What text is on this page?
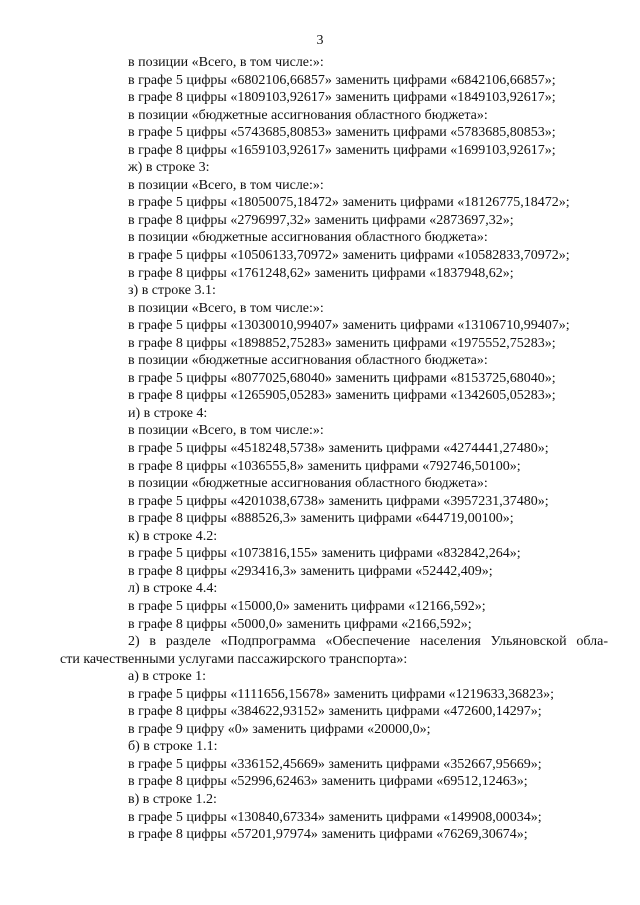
3
в позиции «Всего, в том числе:»:
в графе 5 цифры «6802106,66857» заменить цифрами «6842106,66857»;
в графе 8 цифры «1809103,92617» заменить цифрами «1849103,92617»;
в позиции «бюджетные ассигнования областного бюджета»:
в графе 5 цифры «5743685,80853» заменить цифрами «5783685,80853»;
в графе 8 цифры «1659103,92617» заменить цифрами «1699103,92617»;
ж) в строке 3:
в позиции «Всего, в том числе:»:
в графе 5 цифры «18050075,18472» заменить цифрами «18126775,18472»;
в графе 8 цифры «2796997,32» заменить цифрами «2873697,32»;
в позиции «бюджетные ассигнования областного бюджета»:
в графе 5 цифры «10506133,70972» заменить цифрами «10582833,70972»;
в графе 8 цифры «1761248,62» заменить цифрами «1837948,62»;
з) в строке 3.1:
в позиции «Всего, в том числе:»:
в графе 5 цифры «13030010,99407» заменить цифрами «13106710,99407»;
в графе 8 цифры «1898852,75283» заменить цифрами «1975552,75283»;
в позиции «бюджетные ассигнования областного бюджета»:
в графе 5 цифры «8077025,68040» заменить цифрами «8153725,68040»;
в графе 8 цифры «1265905,05283» заменить цифрами «1342605,05283»;
и) в строке 4:
в позиции «Всего, в том числе:»:
в графе 5 цифры «4518248,5738» заменить цифрами «4274441,27480»;
в графе 8 цифры «1036555,8» заменить цифрами «792746,50100»;
в позиции «бюджетные ассигнования областного бюджета»:
в графе 5 цифры «4201038,6738» заменить цифрами «3957231,37480»;
в графе 8 цифры «888526,3» заменить цифрами «644719,00100»;
к) в строке 4.2:
в графе 5 цифры «1073816,155» заменить цифрами «832842,264»;
в графе 8 цифры «293416,3» заменить цифрами «52442,409»;
л) в строке 4.4:
в графе 5 цифры «15000,0» заменить цифрами «12166,592»;
в графе 8 цифры «5000,0» заменить цифрами «2166,592»;
2) в разделе «Подпрограмма «Обеспечение населения Ульяновской обла-
сти качественными услугами пассажирского транспорта»:
а) в строке 1:
в графе 5 цифры «1111656,15678» заменить цифрами «1219633,36823»;
в графе 8 цифры «384622,93152» заменить цифрами «472600,14297»;
в графе 9 цифру «0» заменить цифрами «20000,0»;
б) в строке 1.1:
в графе 5 цифры «336152,45669» заменить цифрами «352667,95669»;
в графе 8 цифры «52996,62463» заменить цифрами «69512,12463»;
в) в строке 1.2:
в графе 5 цифры «130840,67334» заменить цифрами «149908,00034»;
в графе 8 цифры «57201,97974» заменить цифрами «76269,30674»;
